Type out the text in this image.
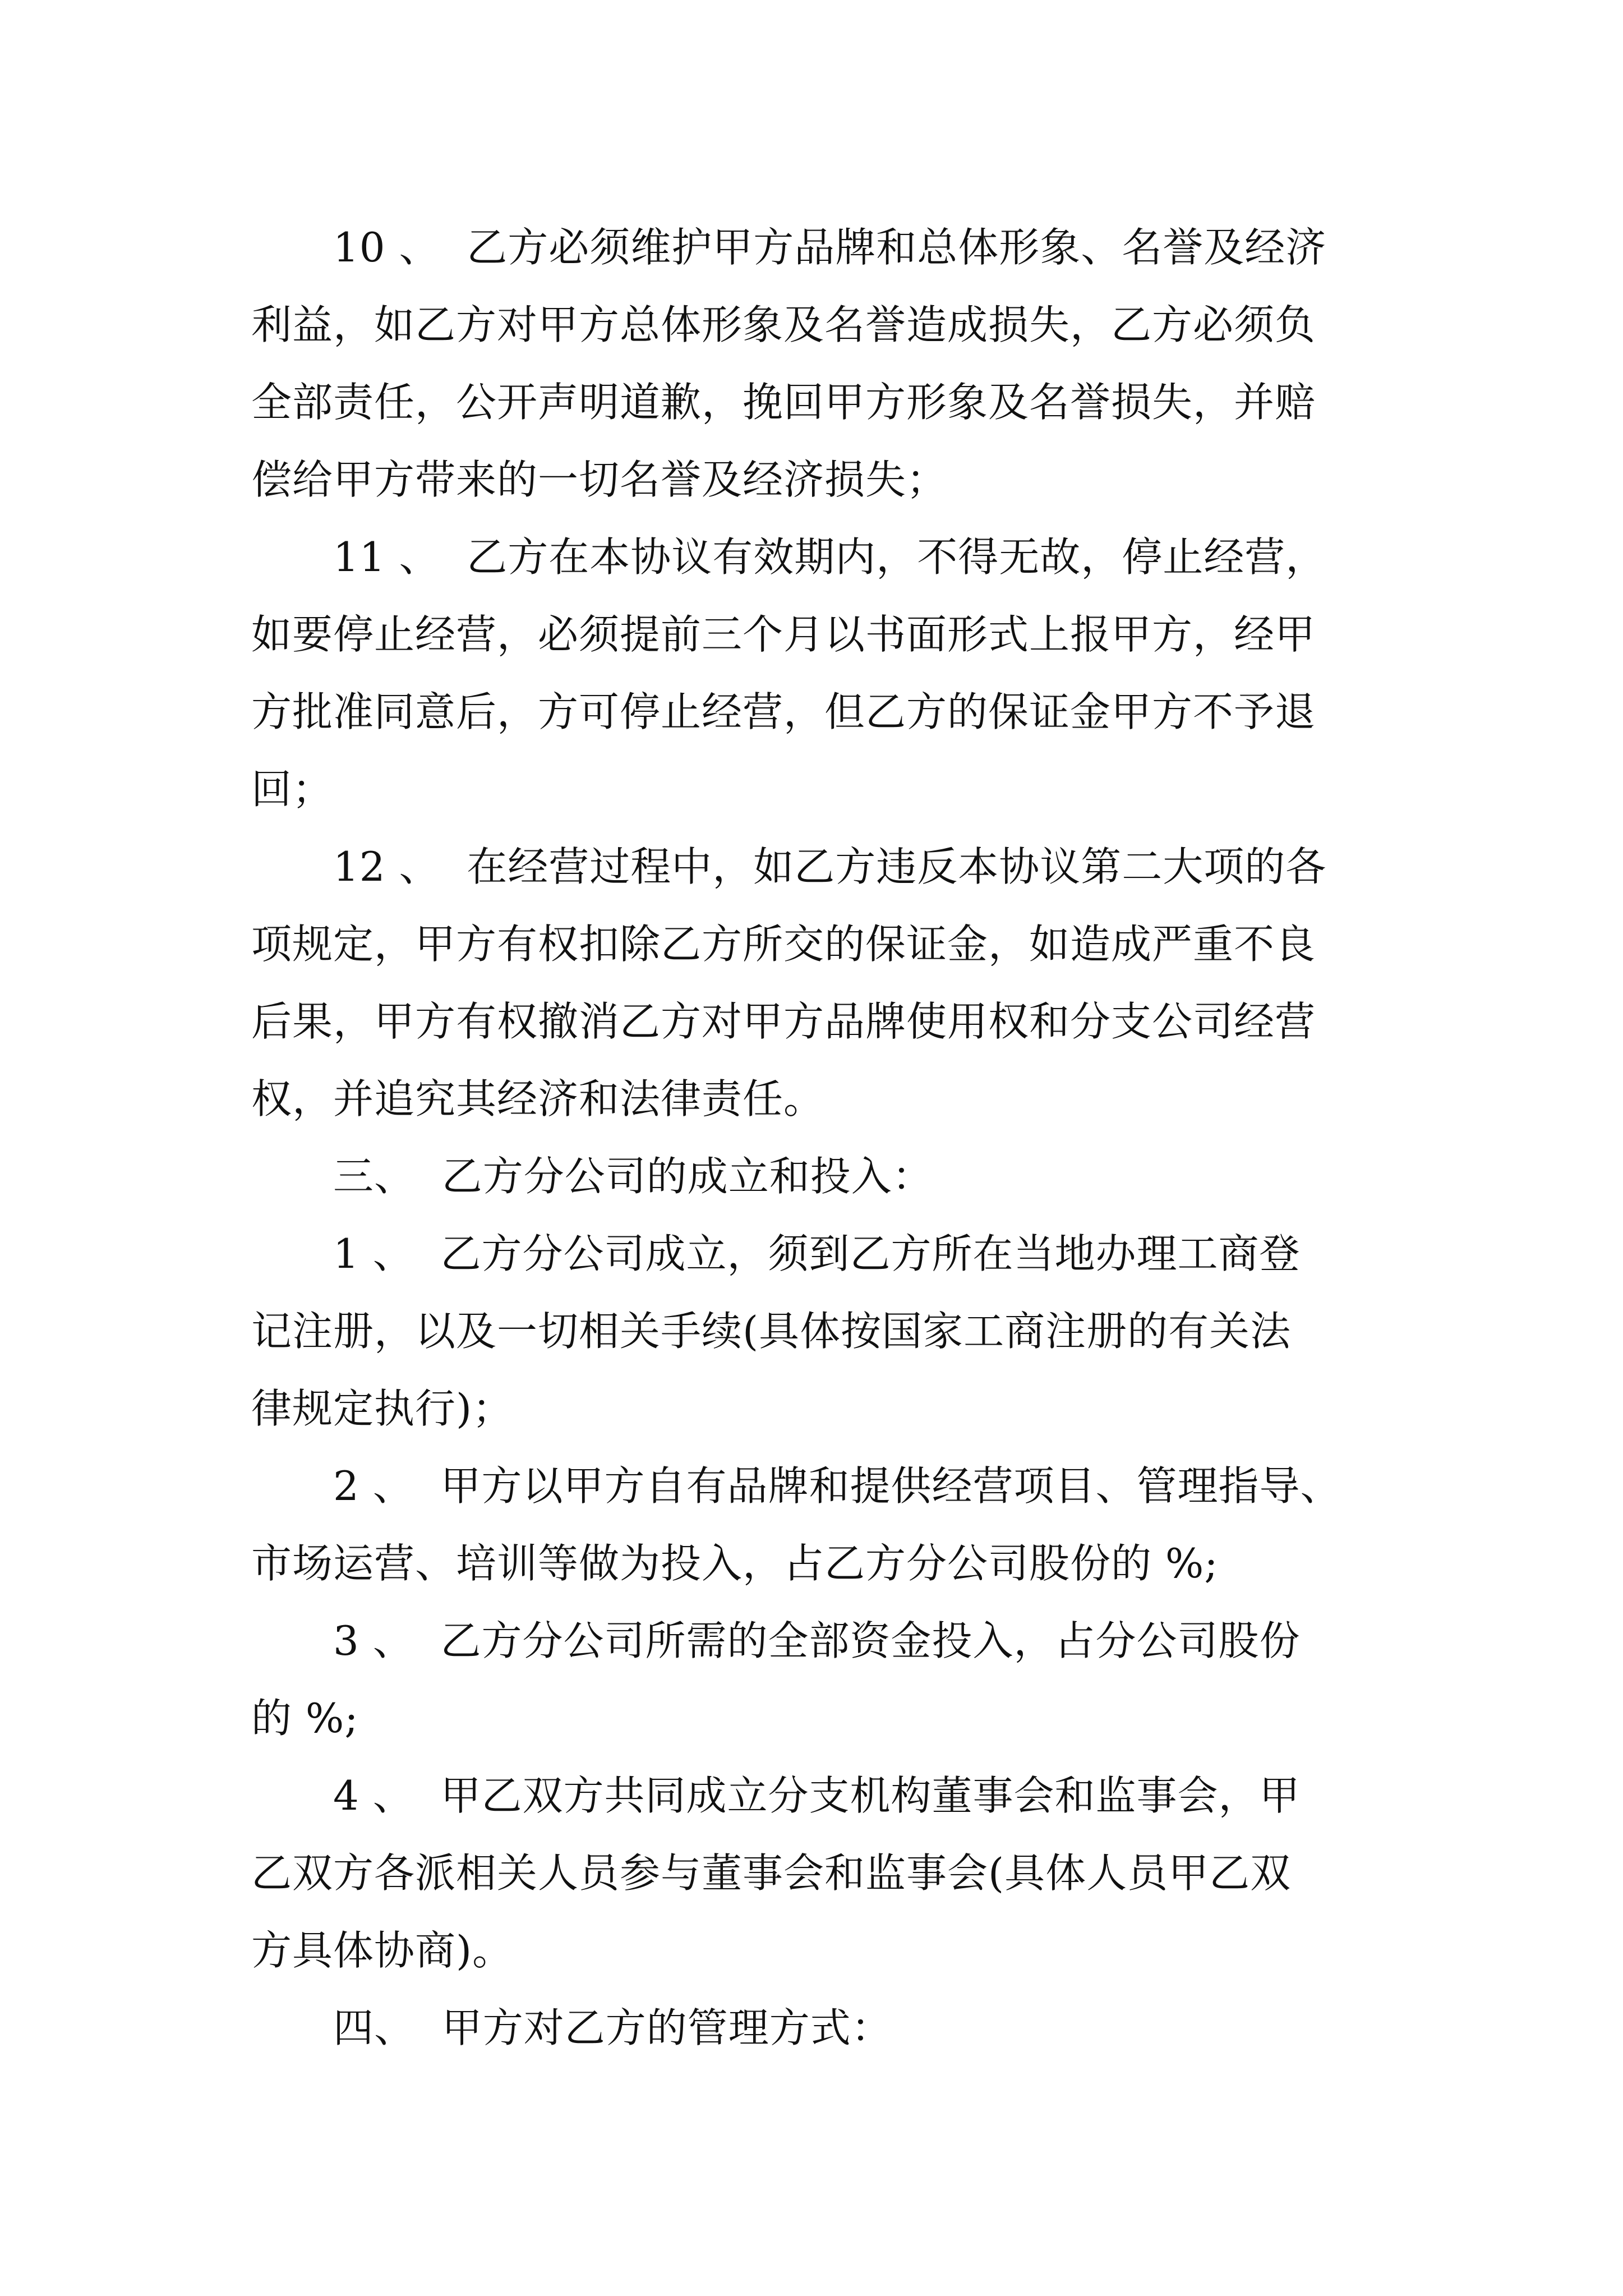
10 、  乙方必须维护甲方品牌和总体形象、名誉及经济
利益，如乙方对甲方总体形象及名誉造成损失，乙方必须负
全部责任，公开声明道歉，挽回甲方形象及名誉损失，并赔
偿给甲方带来的一切名誉及经济损失；
11 、  乙方在本协议有效期内，不得无故，停止经营，
如要停止经营，必须提前三个月以书面形式上报甲方，经甲
方批准同意后，方可停止经营，但乙方的保证金甲方不予退
回；
12 、  在经营过程中，如乙方违反本协议第二大项的各
项规定，甲方有权扣除乙方所交的保证金，如造成严重不良
后果，甲方有权撤消乙方对甲方品牌使用权和分支公司经营
权，并追究其经济和法律责任。
三、  乙方分公司的成立和投入：
1 、  乙方分公司成立，须到乙方所在当地办理工商登
记注册，以及一切相关手续(具体按国家工商注册的有关法
律规定执行)；
2 、  甲方以甲方自有品牌和提供经营项目、管理指导、
市场运营、培训等做为投入，占乙方分公司股份的 %;
3 、  乙方分公司所需的全部资金投入，占分公司股份
的 %;
4 、  甲乙双方共同成立分支机构董事会和监事会，甲
乙双方各派相关人员参与董事会和监事会(具体人员甲乙双
方具体协商)。
四、  甲方对乙方的管理方式：
